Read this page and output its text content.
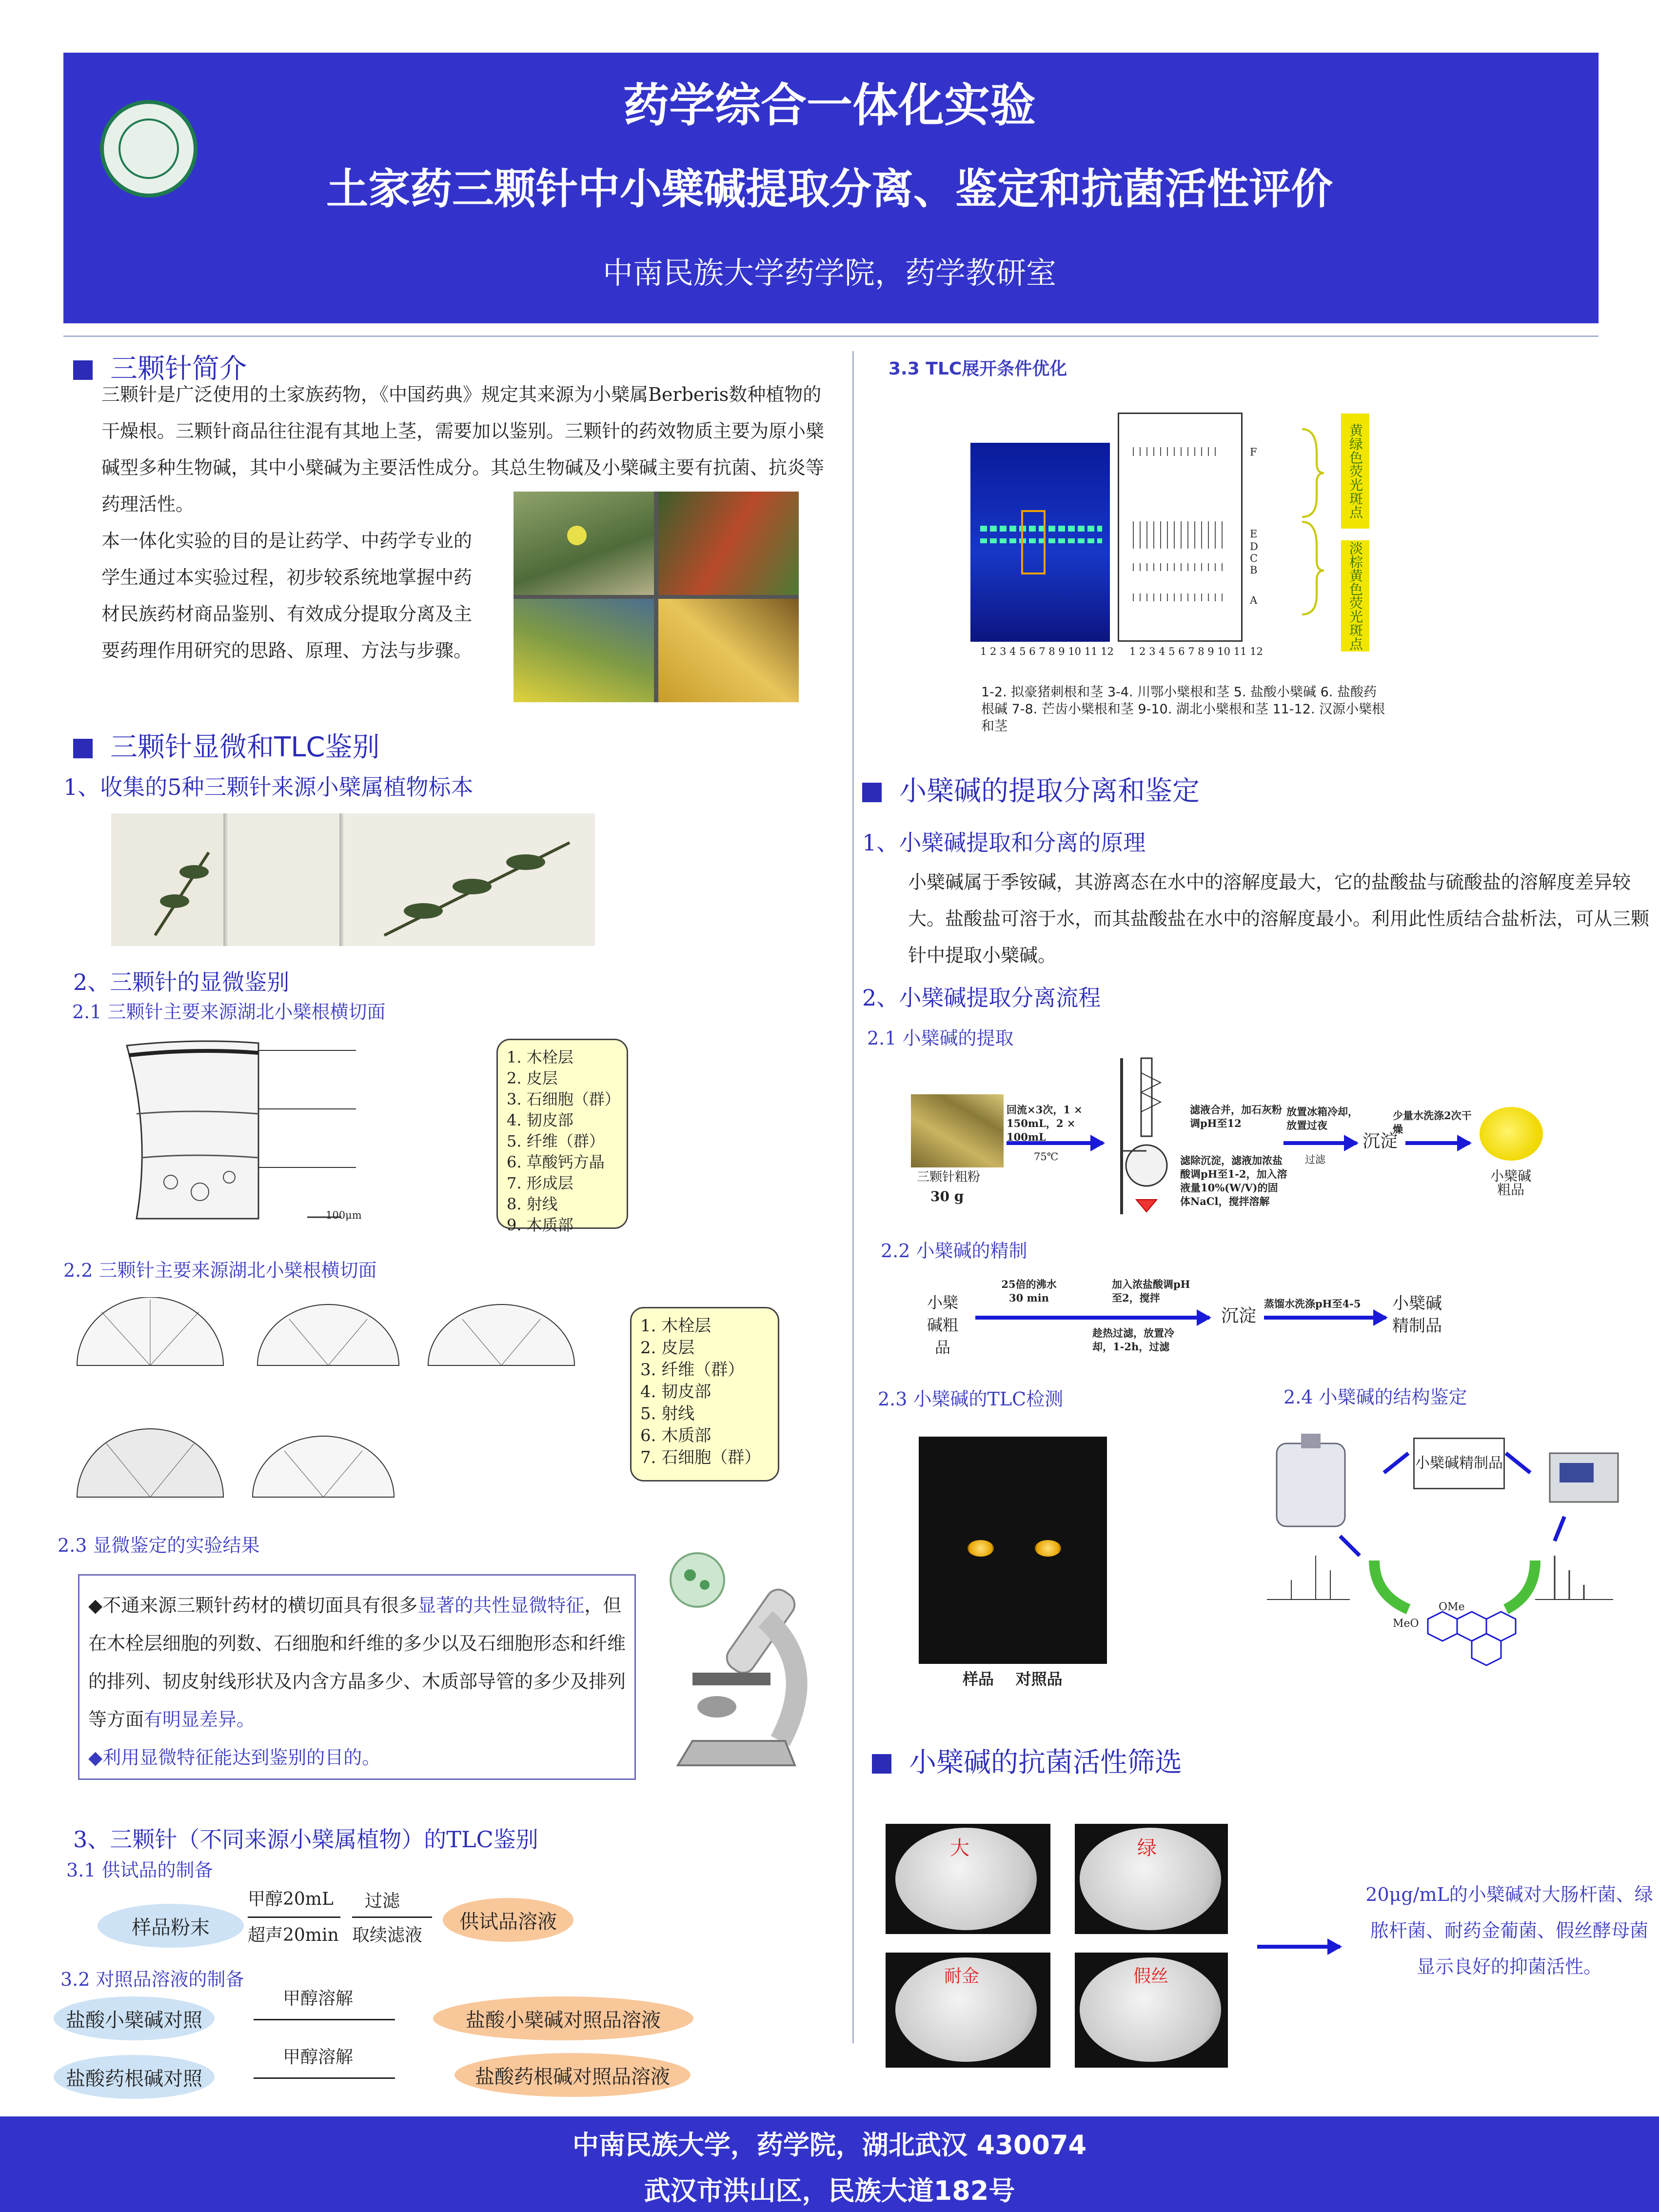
药学综合一体化实验
土家药三颗针中小檗碱提取分离、鉴定和抗菌活性评价
中南民族大学药学院，药学教研室
三颗针简介
三颗针是广泛使用的土家族药物，《中国药典》规定其来源为小檗属Berberis数种植物的干燥根。三颗针商品往往混有其地上茎，需要加以鉴别。三颗针的药效物质主要为原小檗碱型多种生物碱，其中小檗碱为主要活性成分。其总生物碱及小檗碱主要有抗菌、抗炎等药理活性。
本一体化实验的目的是让药学、中药学专业的学生通过本实验过程，初步较系统地掌握中药材民族药材商品鉴别、有效成分提取分离及主要药理作用研究的思路、原理、方法与步骤。
三颗针显微和TLC鉴别
1、收集的5种三颗针来源小檗属植物标本
2、三颗针的显微鉴别
2.1 三颗针主要来源湖北小檗根横切面
100μm
1. 木栓层
2. 皮层
3. 石细胞（群）
4. 韧皮部
5. 纤维（群）
6. 草酸钙方晶
7. 形成层
8. 射线
9. 木质部
2.2 三颗针主要来源湖北小檗根横切面
1. 木栓层
2. 皮层
3. 纤维（群）
4. 韧皮部
5. 射线
6. 木质部
7. 石细胞（群）
2.3 显微鉴定的实验结果
◆不通来源三颗针药材的横切面具有很多显著的共性显微特征，但在木栓层细胞的列数、石细胞和纤维的多少以及石细胞形态和纤维的排列、韧皮射线形状及内含方晶多少、木质部导管的多少及排列等方面有明显差异。
◆利用显微特征能达到鉴别的目的。
3、三颗针（不同来源小檗属植物）的TLC鉴别
3.1 供试品的制备
样品粉末
甲醇20mL
超声20min
过滤
取续滤液
供试品溶液
3.2 对照品溶液的制备
盐酸小檗碱对照
甲醇溶解
盐酸小檗碱对照品溶液
盐酸药根碱对照
甲醇溶解
盐酸药根碱对照品溶液
3.3 TLC展开条件优化
1 2 3 4 5 6 7 8 9 10 11 12
F
E
D
C
B
A
1 2 3 4 5 6 7 8 9 10 11 12
黄绿色荧光斑点
淡棕黄色荧光斑点
1-2. 拟豪猪刺根和茎 3-4. 川鄂小檗根和茎 5. 盐酸小檗碱 6. 盐酸药根碱 7-8. 芒齿小檗根和茎 9-10. 湖北小檗根和茎 11-12. 汉源小檗根和茎
小檗碱的提取分离和鉴定
1、小檗碱提取和分离的原理
小檗碱属于季铵碱，其游离态在水中的溶解度最大，它的盐酸盐与硫酸盐的溶解度差异较大。盐酸盐可溶于水，而其盐酸盐在水中的溶解度最小。利用此性质结合盐析法，可从三颗针中提取小檗碱。
2、小檗碱提取分离流程
2.1 小檗碱的提取
三颗针粗粉
30 g
回流×3次，1 × 150mL，2 × 100mL
75℃
滤液合并，加石灰粉调pH至12
滤除沉淀，滤液加浓盐酸调pH至1-2，加入溶液量10%(W/V)的固体NaCl，搅拌溶解
放置冰箱冷却，放置过夜
过滤
沉淀
少量水洗涤2次干燥
小檗碱粗品
2.2 小檗碱的精制
小檗碱粗品
25倍的沸水 30 min
加入浓盐酸调pH至2，搅拌
趁热过滤，放置冷却，1-2h，过滤
沉淀
蒸馏水洗涤pH至4-5	小檗碱精制品
2.3 小檗碱的TLC检测
样品    对照品
2.4 小檗碱的结构鉴定
小檗碱精制品
OMe
MeO
小檗碱的抗菌活性筛选
大	绿
耐金	假丝
20μg/mL的小檗碱对大肠杆菌、绿脓杆菌、耐药金葡菌、假丝酵母菌显示良好的抑菌活性。
中南民族大学，药学院，湖北武汉 430074
武汉市洪山区，民族大道182号
